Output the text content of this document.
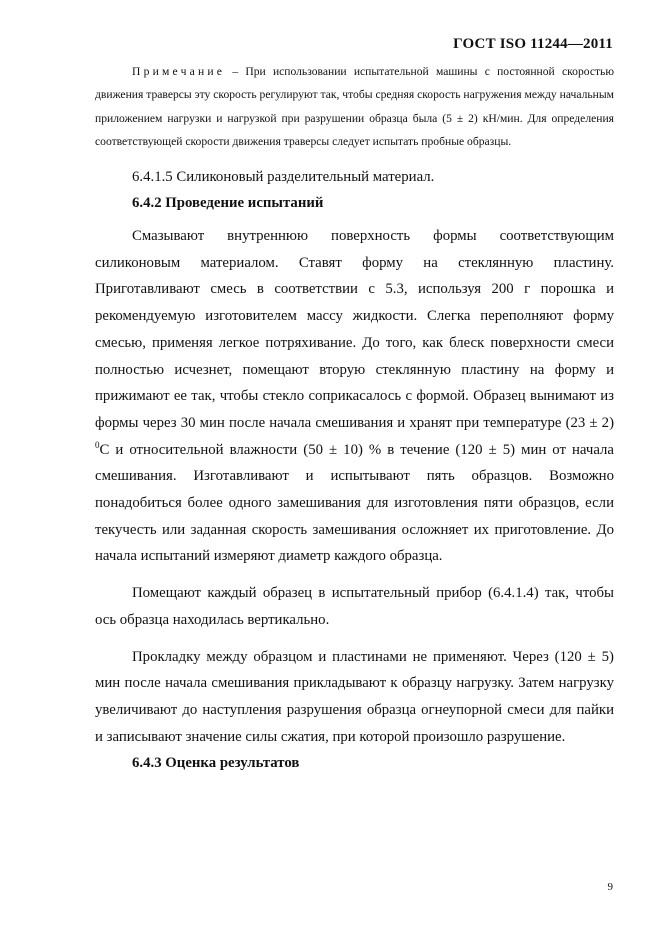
ГОСТ ISO 11244—2011

Примечание – При использовании испытательной машины с постоянной скоростью движения траверсы эту скорость регулируют так, чтобы средняя скорость нагружения между начальным приложением нагрузки и нагрузкой при разрушении образца была (5 ± 2) кН/мин. Для определения соответствующей скорости движения траверсы следует испытать пробные образцы.

6.4.1.5 Силиконовый разделительный материал.

6.4.2 Проведение испытаний

Смазывают внутреннюю поверхность формы соответствующим силиконовым материалом. Ставят форму на стеклянную пластину. Приготавливают смесь в соответствии с 5.3, используя 200 г порошка и рекомендуемую изготовителем массу жидкости. Слегка переполняют форму смесью, применяя легкое потряхивание. До того, как блеск поверхности смеси полностью исчезнет, помещают вторую стеклянную пластину на форму и прижимают ее так, чтобы стекло соприкасалось с формой. Образец вынимают из формы через 30 мин после начала смешивания и хранят при температуре (23 ± 2) $^0$С и относительной влажности (50 ± 10) % в течение (120 ± 5) мин от начала смешивания. Изготавливают и испытывают пять образцов. Возможно понадобиться более одного замешивания для изготовления пяти образцов, если текучесть или заданная скорость замешивания осложняет их приготовление. До начала испытаний измеряют диаметр каждого образца.

Помещают каждый образец в испытательный прибор (6.4.1.4) так, чтобы ось образца находилась вертикально.

Прокладку между образцом и пластинами не применяют. Через (120 ± 5) мин после начала смешивания прикладывают к образцу нагрузку. Затем нагрузку увеличивают до наступления разрушения образца огнеупорной смеси для пайки и записывают значение силы сжатия, при которой произошло разрушение.

6.4.3 Оценка результатов

9
